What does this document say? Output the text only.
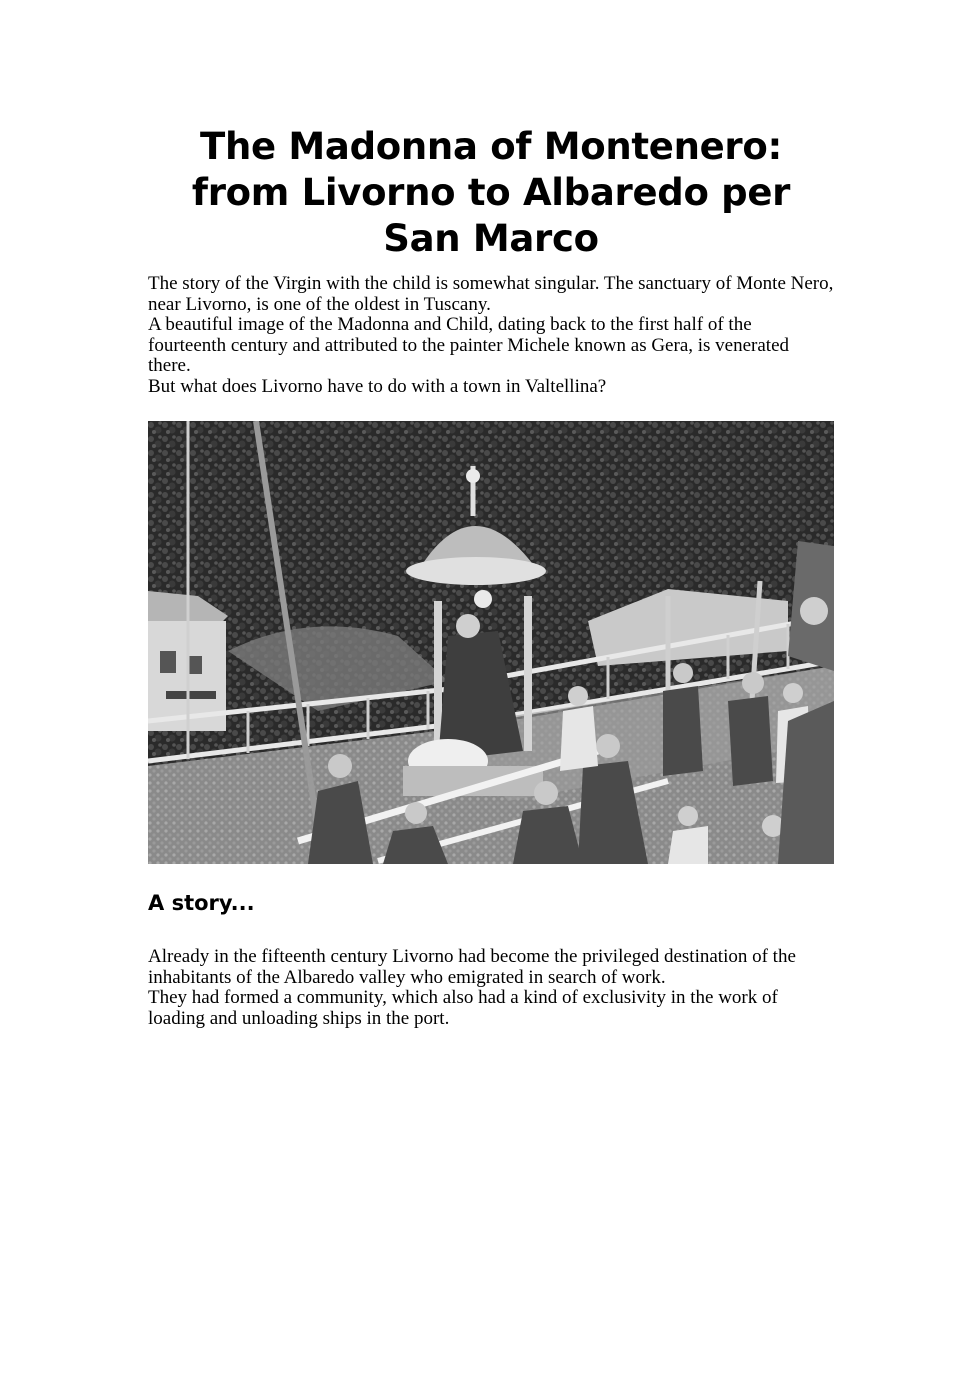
The Madonna of Montenero: from Livorno to Albaredo per San Marco

The story of the Virgin with the child is somewhat singular. The sanctuary of Monte Nero, near Livorno, is one of the oldest in Tuscany.

A beautiful image of the Madonna and Child, dating back to the first half of the fourteenth century and attributed to the painter Michele known as Gera, is venerated there.

But what does Livorno have to do with a town in Valtellina?

A story...

Already in the fifteenth century Livorno had become the privileged destination of the inhabitants of the Albaredo valley who emigrated in search of work.

They had formed a community, which also had a kind of exclusivity in the work of loading and unloading ships in the port.
